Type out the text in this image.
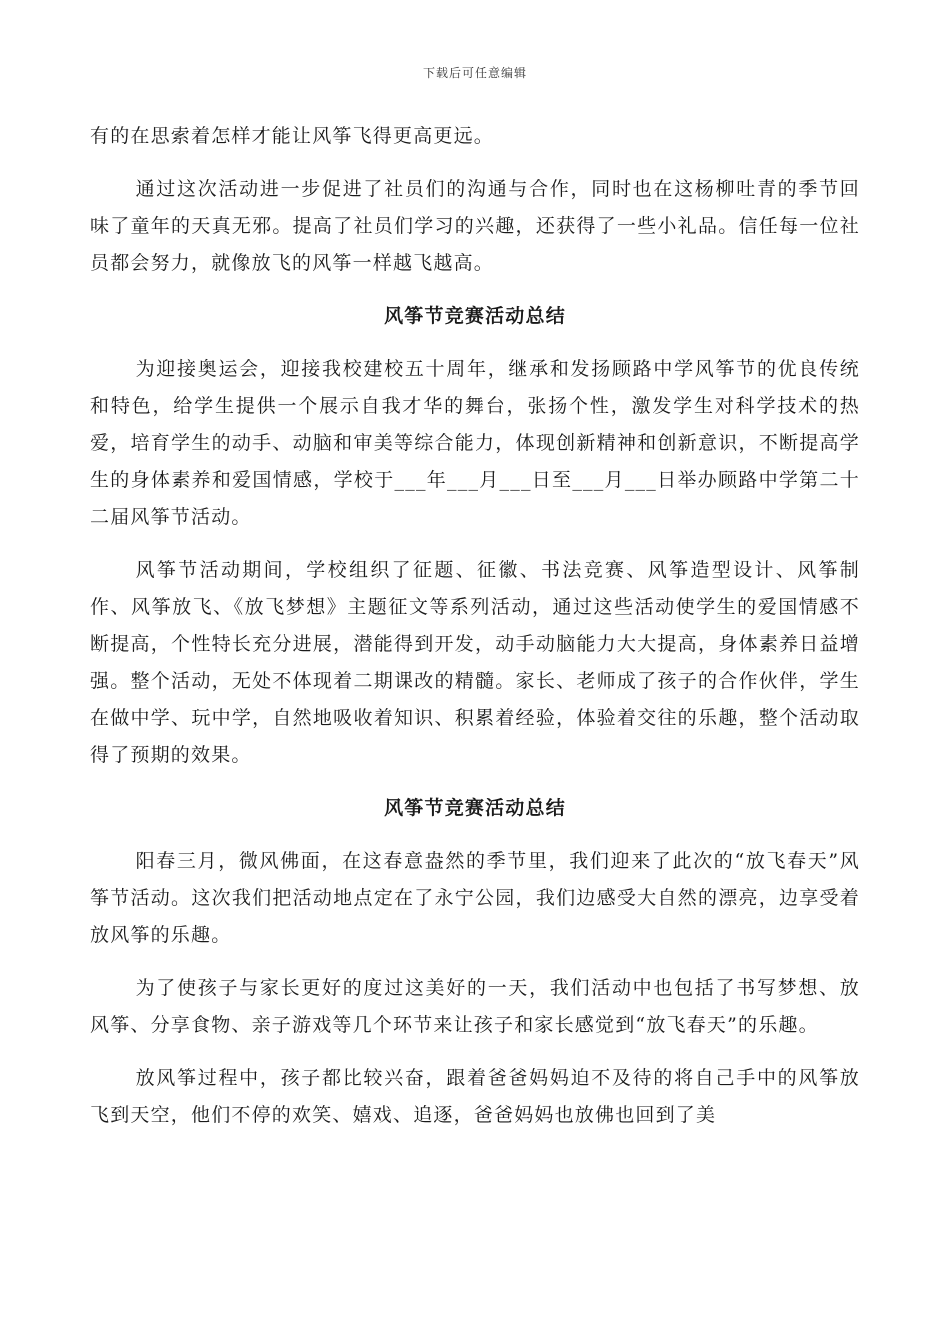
下载后可任意编辑

有的在思索着怎样才能让风筝飞得更高更远。

通过这次活动进一步促进了社员们的沟通与合作，同时也在这杨柳吐青的季节回味了童年的天真无邪。提高了社员们学习的兴趣，还获得了一些小礼品。信任每一位社员都会努力，就像放飞的风筝一样越飞越高。

风筝节竞赛活动总结

为迎接奥运会，迎接我校建校五十周年，继承和发扬顾路中学风筝节的优良传统和特色，给学生提供一个展示自我才华的舞台，张扬个性，激发学生对科学技术的热爱，培育学生的动手、动脑和审美等综合能力，体现创新精神和创新意识，不断提高学生的身体素养和爱国情感，学校于___年___月___日至___月___日举办顾路中学第二十二届风筝节活动。

风筝节活动期间，学校组织了征题、征徽、书法竞赛、风筝造型设计、风筝制作、风筝放飞、《放飞梦想》主题征文等系列活动，通过这些活动使学生的爱国情感不断提高，个性特长充分进展，潜能得到开发，动手动脑能力大大提高，身体素养日益增强。整个活动，无处不体现着二期课改的精髓。家长、老师成了孩子的合作伙伴，学生在做中学、玩中学，自然地吸收着知识、积累着经验，体验着交往的乐趣，整个活动取得了预期的效果。

风筝节竞赛活动总结

阳春三月，微风佛面，在这春意盎然的季节里，我们迎来了此次的“放飞春天”风筝节活动。这次我们把活动地点定在了永宁公园，我们边感受大自然的漂亮，边享受着放风筝的乐趣。

为了使孩子与家长更好的度过这美好的一天，我们活动中也包括了书写梦想、放风筝、分享食物、亲子游戏等几个环节来让孩子和家长感觉到“放飞春天”的乐趣。

放风筝过程中，孩子都比较兴奋，跟着爸爸妈妈迫不及待的将自己手中的风筝放飞到天空，他们不停的欢笑、嬉戏、追逐，爸爸妈妈也放佛也回到了美
